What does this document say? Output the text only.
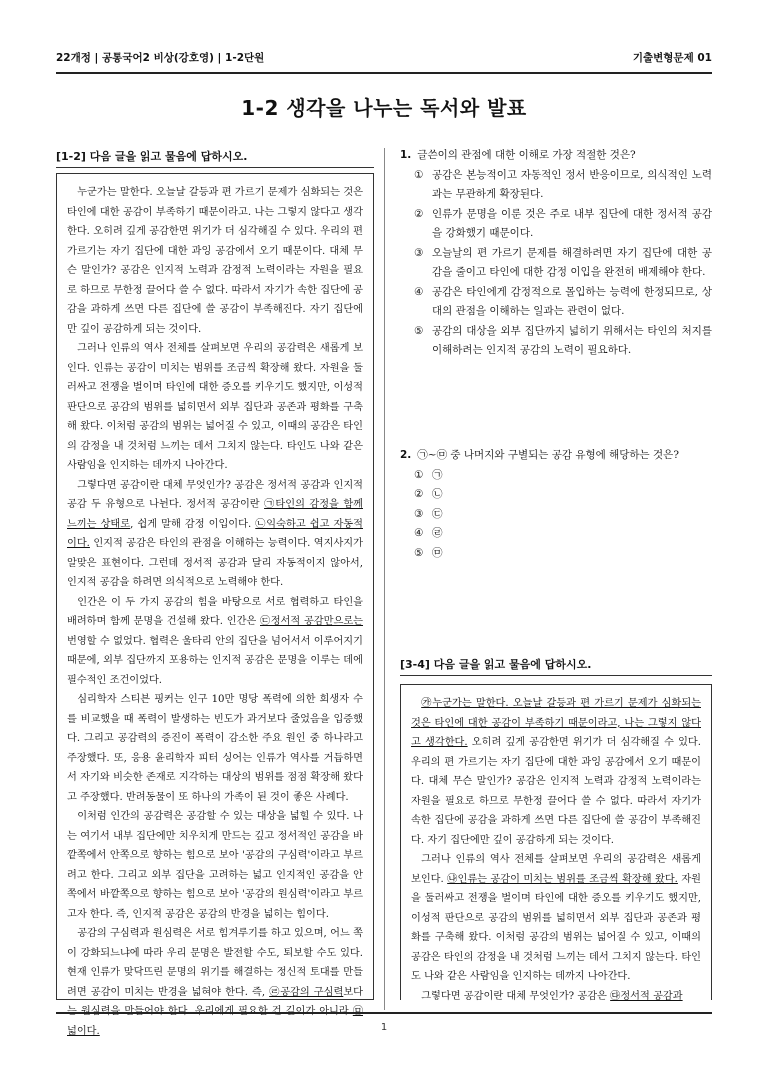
22개정 | 공통국어2 비상(강호영) | 1-2단원	기출변형문제 01
1-2 생각을 나누는 독서와 발표
[1-2] 다음 글을 읽고 물음에 답하시오.

누군가는 말한다. 오늘날 갈등과 편 가르기 문제가 심화되는 것은 타인에 대한 공감이 부족하기 때문이라고. 나는 그렇지 않다고 생각한다. 오히려 깊게 공감한면 위기가 더 심각해질 수 있다. 우리의 편 가르기는 자기 집단에 대한 과잉 공감에서 오기 때문이다. 대체 무슨 말인가? 공감은 인지적 노력과 감정적 노력이라는 자원을 필요로 하므로 무한정 끌어다 쓸 수 없다. 따라서 자기가 속한 집단에 공감을 과하게 쓰면 다른 집단에 쓸 공감이 부족해진다. 자기 집단에만 깊이 공감하게 되는 것이다.

그러나 인류의 역사 전체를 살펴보면 우리의 공감력은 새롭게 보인다. 인류는 공감이 미치는 범위를 조금씩 확장해 왔다. 자원을 둘러싸고 전쟁을 벌이며 타인에 대한 증오를 키우기도 했지만, 이성적 판단으로 공감의 범위를 넓히면서 외부 집단과 공존과 평화를 구축해 왔다. 이처럼 공감의 범위는 넓어질 수 있고, 이때의 공감은 타인의 감정을 내 것처럼 느끼는 데서 그치지 않는다. 타인도 나와 같은 사람임을 인지하는 데까지 나아간다.

그렇다면 공감이란 대체 무엇인가? 공감은 정서적 공감과 인지적 공감 두 유형으로 나뉜다. 정서적 공감이란 ㉠타인의 감정을 함께 느끼는 상태로, 쉽게 말해 감정 이입이다. ㉡익숙하고 쉽고 자동적이다. 인지적 공감은 타인의 관점을 이해하는 능력이다. 역지사지가 알맞은 표현이다. 그런데 정서적 공감과 달리 자동적이지 않아서, 인지적 공감을 하려면 의식적으로 노력해야 한다.

인간은 이 두 가지 공감의 힘을 바탕으로 서로 협력하고 타인을 배려하며 함께 문명을 건설해 왔다. 인간은 ㉢정서적 공감만으로는 번영할 수 없었다. 협력은 울타리 안의 집단을 넘어서서 이루어지기 때문에, 외부 집단까지 포용하는 인지적 공감은 문명을 이루는 데에 필수적인 조건이었다.

심리학자 스티븐 핑커는 인구 10만 명당 폭력에 의한 희생자 수를 비교했을 때 폭력이 발생하는 빈도가 과거보다 줄었음을 입증했다. 그리고 공감력의 증진이 폭력이 감소한 주요 원인 중 하나라고 주장했다. 또, 응용 윤리학자 피터 싱어는 인류가 역사를 거듭하면서 자기와 비슷한 존재로 지각하는 대상의 범위를 점점 확장해 왔다고 주장했다. 반려동물이 또 하나의 가족이 된 것이 좋은 사례다.

이처럼 인간의 공감력은 공감할 수 있는 대상을 넓힐 수 있다. 나는 여기서 내부 집단에만 치우치게 만드는 깊고 정서적인 공감을 바깥쪽에서 안쪽으로 향하는 힘으로 보아 '공감의 구심력'이라고 부르려고 한다. 그리고 외부 집단을 고려하는 넓고 인지적인 공감을 안쪽에서 바깥쪽으로 향하는 힘으로 보아 '공감의 원심력'이라고 부르고자 한다. 즉, 인지적 공감은 공감의 반경을 넓히는 힘이다.

공감의 구심력과 원심력은 서로 힘겨루기를 하고 있으며, 어느 쪽이 강화되느냐에 따라 우리 문명은 발전할 수도, 퇴보할 수도 있다. 현재 인류가 맞닥뜨린 문명의 위기를 해결하는 정신적 토대를 만들려면 공감이 미치는 반경을 넓혀야 한다. 즉, ㉣공감의 구심력보다 넓이다.

1. 글쓴이의 관점에 대한 이해로 가장 적절한 것은?
① 공감은 본능적이고 자동적인 정서 반응이므로, 의식적인 노력과는 무관하게 확장된다.
② 인류가 문명을 이룬 것은 주로 내부 집단에 대한 정서적 공감을 강화했기 때문이다.
③ 오늘날의 편 가르기 문제를 해결하려면 자기 집단에 대한 공감을 줄이고 타인에 대한 감정 이입을 완전히 배제해야 한다.
④ 공감은 타인에게 감정적으로 몰입하는 능력에 한정되므로, 상대의 관점을 이해하는 일과는 관련이 없다.
⑤ 공감의 대상을 외부 집단까지 넓히기 위해서는 타인의 처지를 이해하려는 인지적 공감의 노력이 필요하다.
2. ㉠~㉤ 중 나머지와 구별되는 공감 유형에 해당하는 것은?
① ㉠
② ㉡
③ ㉢
④ ㉣
⑤ ㉤
[3-4] 다음 글을 읽고 물음에 답하시오.

㉮누군가는 말한다. 오늘날 갈등과 편 가르기 문제가 심화되는 것은 타인에 대한 공감이 부족하기 때문이라고, 나는 그렇지 않다고 생각한다. 오히려 깊게 공감한면 위기가 더 심각해질 수 있다. 우리의 편 가르기는 자기 집단에 대한 과잉 공감에서 오기 때문이다. 대체 무슨 말인가? 공감은 인지적 노력과 감정적 노력이라는 자원을 필요로 하므로 무한정 끌어다 쓸 수 없다. 따라서 자기가 속한 집단에 공감을 과하게 쓰면 다른 집단에 쓸 공감이 부족해진다. 자기 집단에만 깊이 공감하게 되는 것이다.

그러나 인류의 역사 전체를 살펴보면 우리의 공감력은 새롭게 보인다. ㉯인류는 공감이 미치는 범위를 조금씩 확장해 왔다. 자원을 둘러싸고 전쟁을 벌이며 타인에 대한 증오를 키우기도 했지만, 이성적 판단으로 공감의 범위를 넓히면서 외부 집단과 공존과 평화를 구축해 왔다. 이처럼 공감의 범위는 넓어질 수 있고, 이때의 공감은 타인의 감정을 내 것처럼 느끼는 데서 그치지 않는다. 타인도 나와 같은 사람임을 인지하는 데까지 나아간다.

그렇다면 공감이란 대체 무엇인가? 공감은 ㉰정서적 공감과

1
